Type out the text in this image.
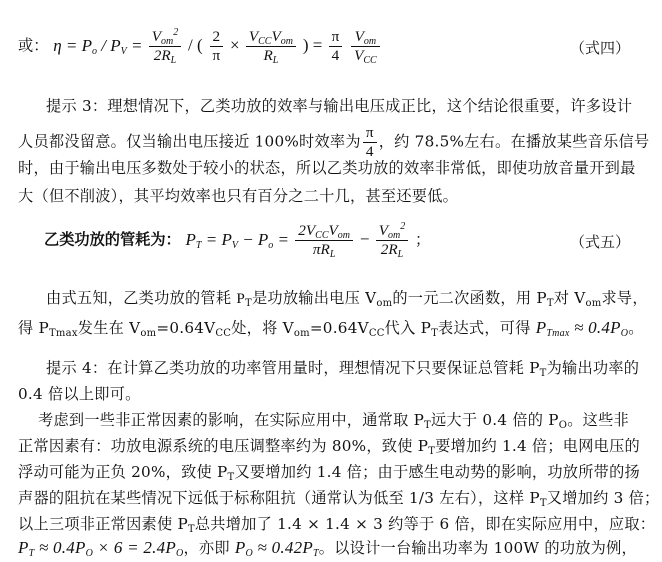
或： $\eta = P_o / P_V = \frac{V_{om}^2}{2R_L}$ / ( $\frac{2}{\pi} \times \frac{V_{CC}V_{om}}{R_L}$ ) = $\frac{\pi}{4}$
$\frac{V_{om}}{V_{CC}}$	（式四）
提示 3：理想情况下，乙类功放的效率与输出电压成正比，这个结论很重要，许多设计
人员都没留意。仅当输出电压接近 100%时效率为 $\frac{\pi}{4}$ ，约 78.5%左右。在播放某些音乐信号
时，由于输出电压多数处于较小的状态，所以乙类功放的效率非常低，即使功放音量开到最
大（但不削波），其平均效率也只有百分之二十几，甚至还要低。
乙类功放的管耗为： $P_T = P_V - P_o = \frac{2V_{CC}V_{om}}{\pi R_L} - \frac{V_{om}^2}{2R_L}$ ；	（式五）
由式五知，乙类功放的管耗 $P_T$是功放输出电压 $V_{om}$的一元二次函数，用 $P_T$对 $V_{om}$求导，
得 $P_{Tmax}$发生在 $V_{om}=0.64V_{CC}$处，将 $V_{om}=0.64V_{CC}$代入 $P_T$表达式，可得 $P_{Tmax} \approx 0.4P_O$。
提示 4：在计算乙类功放的功率管用量时，理想情况下只要保证总管耗 $P_T$为输出功率的
0.4 倍以上即可。
考虑到一些非正常因素的影响，在实际应用中，通常取 $P_T$远大于 0.4 倍的 $P_O$。这些非
正常因素有：功放电源系统的电压调整率约为 80%，致使 $P_T$要增加约 1.4 倍；电网电压的
浮动可能为正负 20%，致使 $P_T$又要增加约 1.4 倍；由于感生电动势的影响，功放所带的扬
声器的阻抗在某些情况下远低于标称阻抗（通常认为低至 1/3 左右），这样 $P_T$又增加约 3 倍；
以上三项非正常因素使 $P_T$总共增加了 1.4 × 1.4 × 3 约等于 6 倍，即在实际应用中，应取：
$P_T \approx 0.4P_O \times 6 = 2.4P_O$，亦即 $P_O \approx 0.42P_T$。以设计一台输出功率为 100W 的功放为例，
